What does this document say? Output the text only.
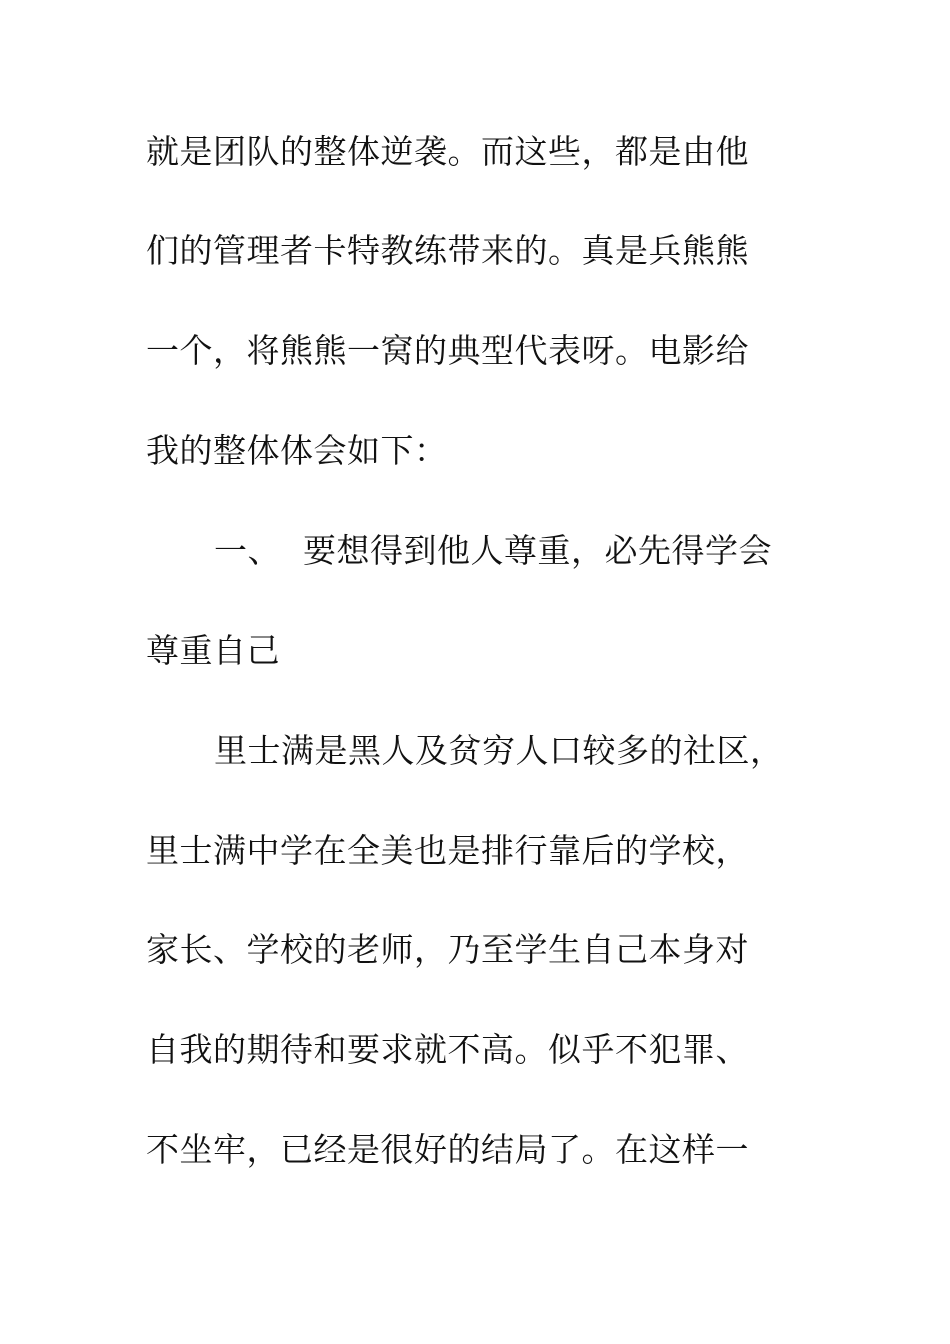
就是团队的整体逆袭。而这些，都是由他
们的管理者卡特教练带来的。真是兵熊熊
一个，将熊熊一窝的典型代表呀。电影给
我的整体体会如下：
一、 要想得到他人尊重，必先得学会
尊重自己
里士满是黑人及贫穷人口较多的社区，
里士满中学在全美也是排行靠后的学校，
家长、学校的老师，乃至学生自己本身对
自我的期待和要求就不高。似乎不犯罪、
不坐牢，已经是很好的结局了。在这样一
